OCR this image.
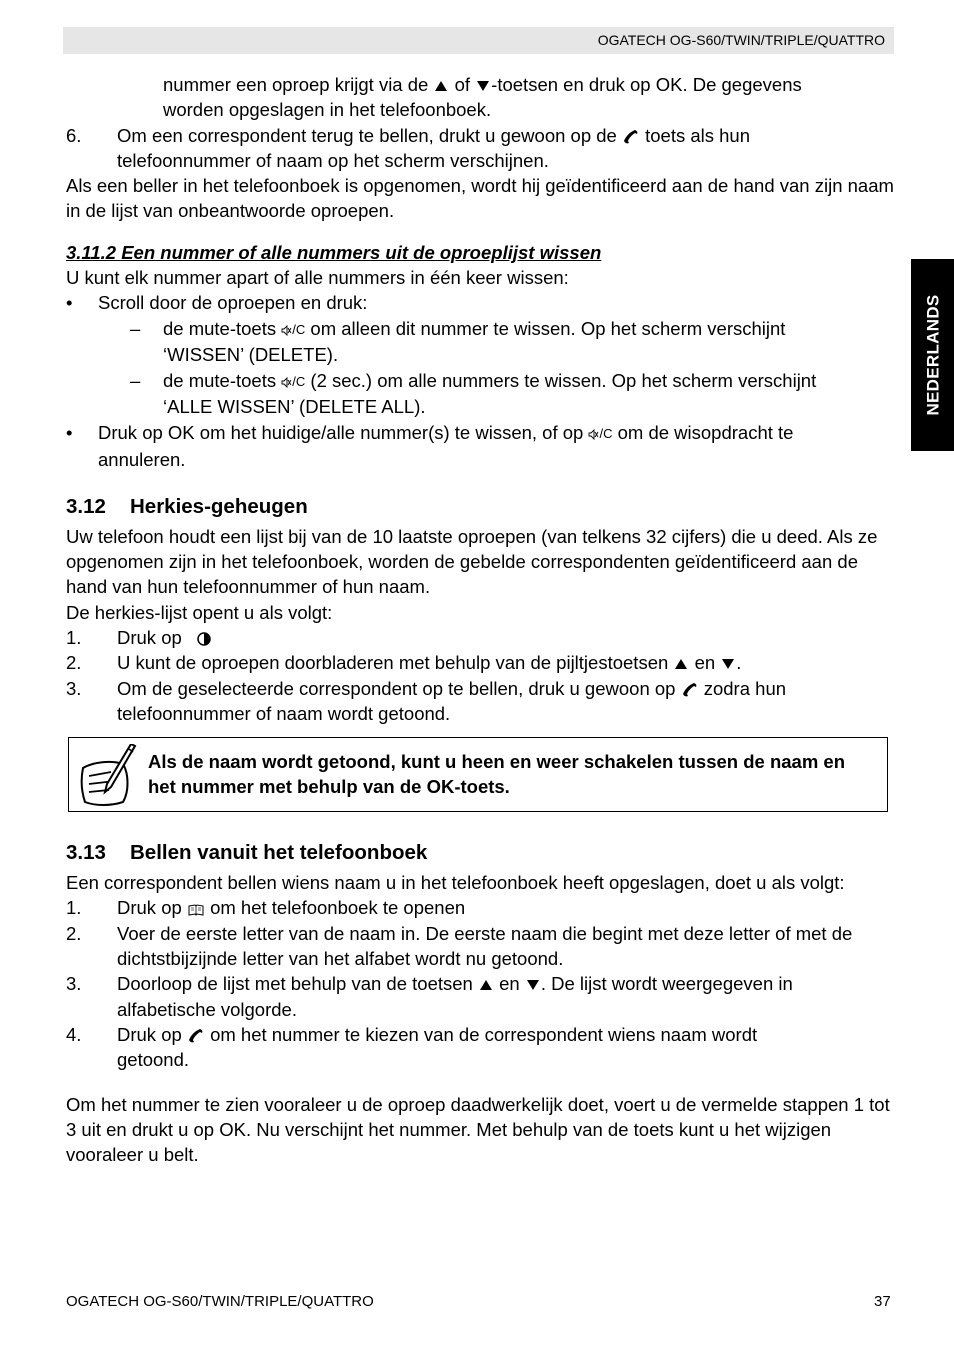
OGATECH OG-S60/TWIN/TRIPLE/QUATTRO
NEDERLANDS

nummer een oproep krijgt via de of -toetsen en druk op OK. De gegevens
worden opgeslagen in het telefoonboek.

6.	Om een correspondent terug te bellen, drukt u gewoon op de toets als hun
telefoonnummer of naam op het scherm verschijnen.

Als een beller in het telefoonboek is opgenomen, wordt hij geïdentificeerd aan de hand van zijn naam in de lijst van onbeantwoorde oproepen.

3.11.2 Een nummer of alle nummers uit de oproeplijst wissen

U kunt elk nummer apart of alle nummers in één keer wissen:

•	Scroll door de oproepen en druk:

–	de mute-toets /C om alleen dit nummer te wissen. Op het scherm verschijnt
‘WISSEN’ (DELETE).

–	de mute-toets /C (2 sec.) om alle nummers te wissen. Op het scherm verschijnt
‘ALLE WISSEN’ (DELETE ALL).

•	Druk op OK om het huidige/alle nummer(s) te wissen, of op /C om de wisopdracht te
annuleren.

3.12	Herkies-geheugen

Uw telefoon houdt een lijst bij van de 10 laatste oproepen (van telkens 32 cijfers) die u deed. Als ze opgenomen zijn in het telefoonboek, worden de gebelde correspondenten geïdentificeerd aan de hand van hun telefoonnummer of hun naam.

De herkies-lijst opent u als volgt:

1.	Druk op

2.	U kunt de oproepen doorbladeren met behulp van de pijltjestoetsen en .

3.	Om de geselecteerde correspondent op te bellen, druk u gewoon op zodra hun
telefoonnummer of naam wordt getoond.

Als de naam wordt getoond, kunt u heen en weer schakelen tussen de naam en het nummer met behulp van de OK-toets.

3.13	Bellen vanuit het telefoonboek

Een correspondent bellen wiens naam u in het telefoonboek heeft opgeslagen, doet u als volgt:

1.	Druk op om het telefoonboek te openen

2.	Voer de eerste letter van de naam in. De eerste naam die begint met deze letter of met de dichtstbijzijnde letter van het alfabet wordt nu getoond.

3.	Doorloop de lijst met behulp van de toetsen en . De lijst wordt weergegeven in alfabetische volgorde.

4.	Druk op om het nummer te kiezen van de correspondent wiens naam wordt
getoond.

Om het nummer te zien vooraleer u de oproep daadwerkelijk doet, voert u de vermelde stappen 1 tot 3 uit en drukt u op OK. Nu verschijnt het nummer. Met behulp van de toets kunt u het wijzigen vooraleer u belt.

OGATECH OG-S60/TWIN/TRIPLE/QUATTRO	37
